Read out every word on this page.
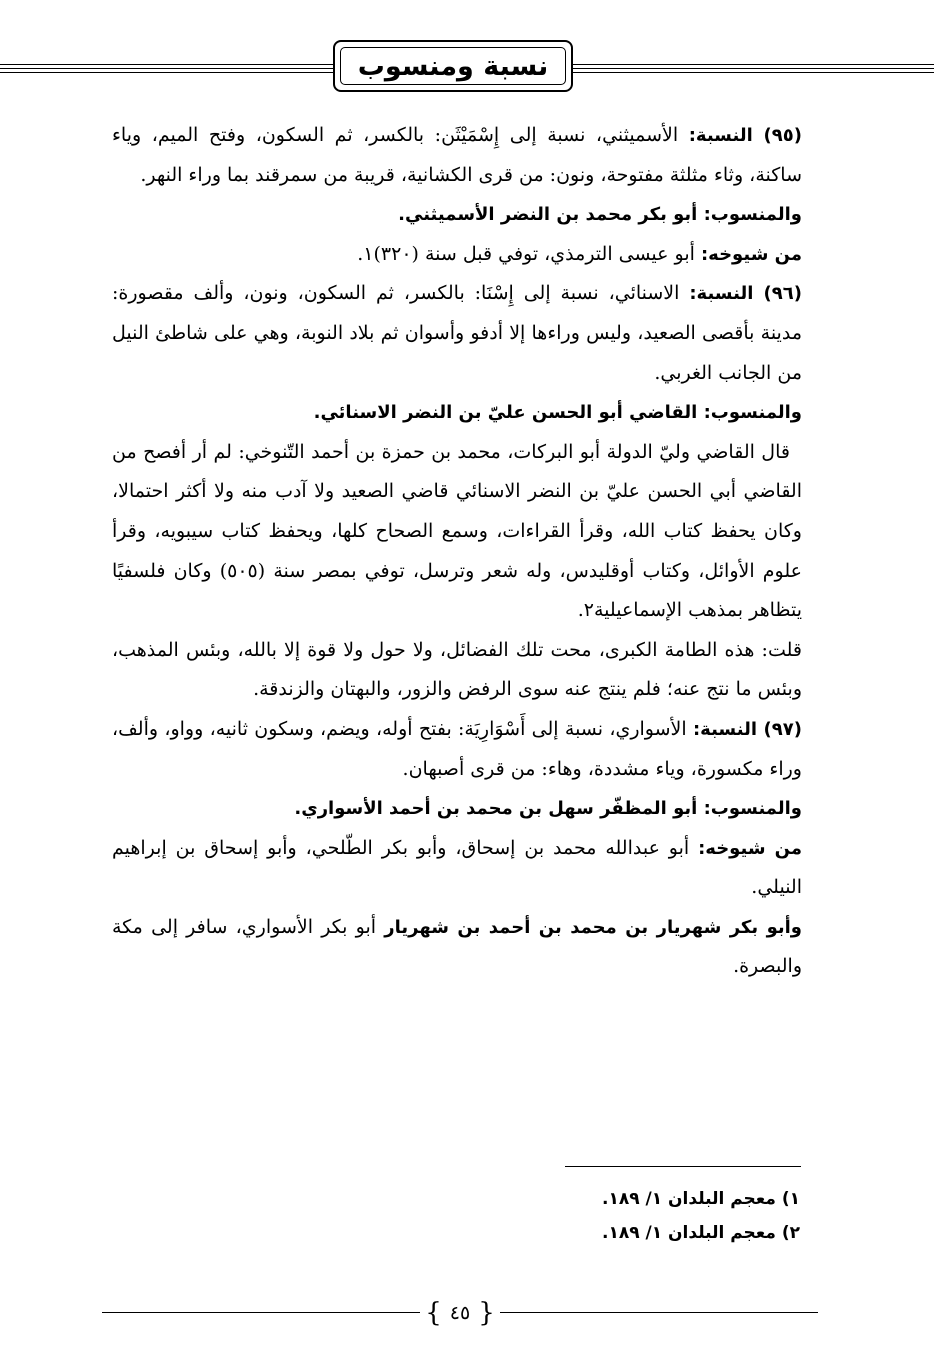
نسبة ومنسوب

(٩٥) النسبة: الأسميثني، نسبة إلى إِسْمَيْثَن: بالكسر، ثم السكون، وفتح الميم، وياء ساكنة، وثاء مثلثة مفتوحة، ونون: من قرى الكشانية، قريبة من سمرقند بما وراء النهر.

والمنسوب: أبو بكر محمد بن النضر الأسميثني.

من شيوخه: أبو عيسى الترمذي، توفي قبل سنة (٣٢٠)١.

(٩٦) النسبة: الاسنائي، نسبة إلى إِسْنَا: بالكسر، ثم السكون، ونون، وألف مقصورة: مدينة بأقصى الصعيد، وليس وراءها إلا أدفو وأسوان ثم بلاد النوبة، وهي على شاطئ النيل من الجانب الغربي.

والمنسوب: القاضي أبو الحسن عليّ بن النضر الاسنائي.

قال القاضي وليّ الدولة أبو البركات، محمد بن حمزة بن أحمد التّنوخي: لم أر أفصح من القاضي أبي الحسن عليّ بن النضر الاسنائي قاضي الصعيد ولا آدب منه ولا أكثر احتمالا، وكان يحفظ كتاب الله، وقرأ القراءات، وسمع الصحاح كلها، ويحفظ كتاب سيبويه، وقرأ علوم الأوائل، وكتاب أوقليدس، وله شعر وترسل، توفي بمصر سنة (٥٠٥) وكان فلسفيًا يتظاهر بمذهب الإسماعيلية٢.

قلت: هذه الطامة الكبرى، محت تلك الفضائل، ولا حول ولا قوة إلا بالله، وبئس المذهب، وبئس ما نتج عنه؛ فلم ينتج عنه سوى الرفض والزور، والبهتان والزندقة.

(٩٧) النسبة: الأسواري، نسبة إلى أَسْوَارِيَة: بفتح أوله، ويضم، وسكون ثانيه، وواو، وألف، وراء مكسورة، وياء مشددة، وهاء: من قرى أصبهان.

والمنسوب: أبو المظفّر سهل بن محمد بن أحمد الأسواري.

من شيوخه: أبو عبدالله محمد بن إسحاق، وأبو بكر الطّلحي، وأبو إسحاق بن إبراهيم النيلي.

وأبو بكر شهريار بن محمد بن أحمد بن شهريار أبو بكر الأسواري، سافر إلى مكة والبصرة.

١) معجم البلدان ١/ ١٨٩.

٢) معجم البلدان ١/ ١٨٩.

{
٤٥
}
